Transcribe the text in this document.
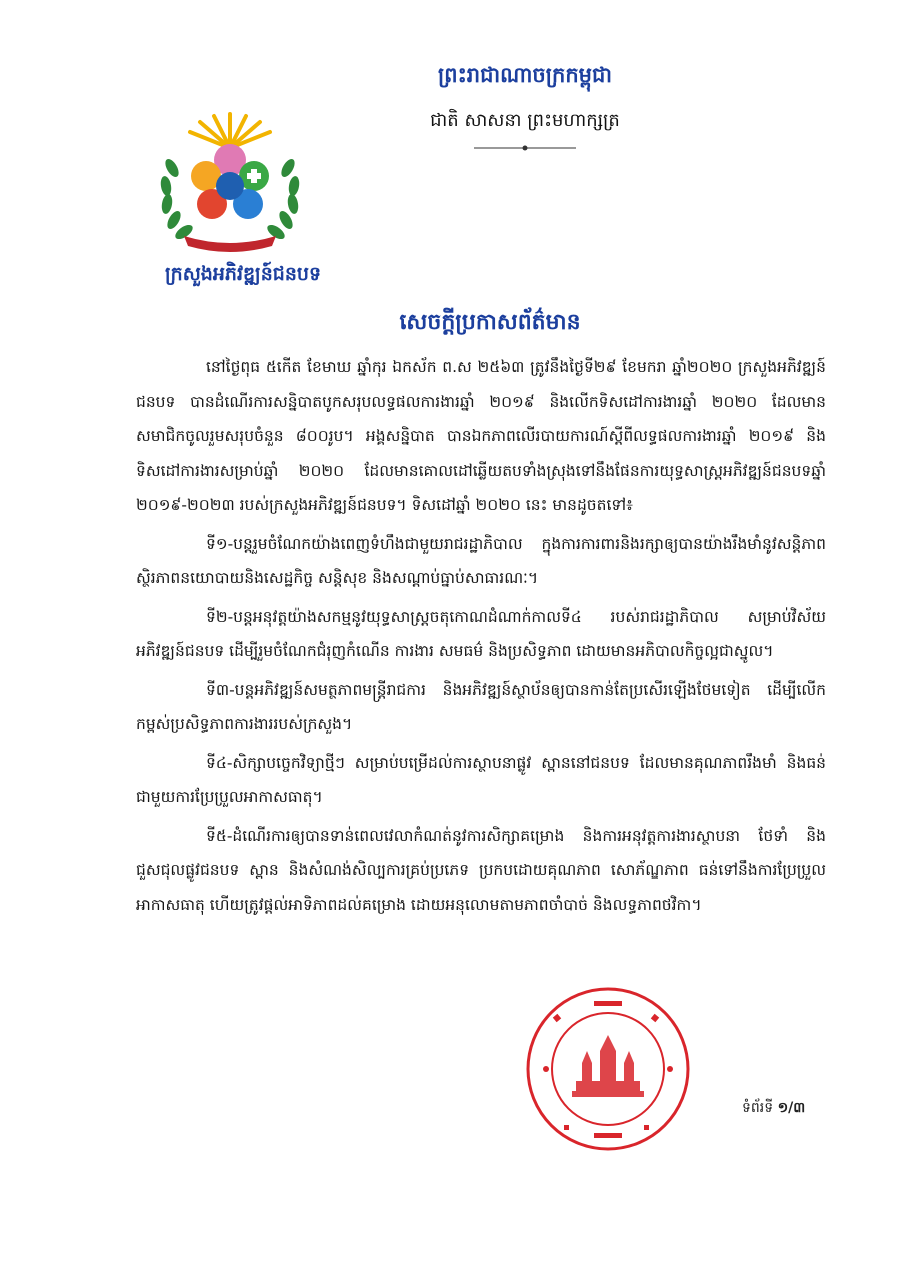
ព្រះរាជាណាចក្រកម្ពុជា
ជាតិ សាសនា ព្រះមហាក្សត្រ
ក្រសួងអភិវឌ្ឍន៍ជនបទ
សេចក្តីប្រកាសព័ត៌មាន

នៅថ្ងៃពុធ ៥កើត ខែមាឃ ឆ្នាំកុរ ឯកស័ក ព.ស ២៥៦៣ ត្រូវនឹងថ្ងៃទី២៩ ខែមករា ឆ្នាំ២០២០ ក្រសួងអភិវឌ្ឍន៍ជនបទ បានដំណើរការសន្និបាតបូកសរុបលទ្ធផលការងារឆ្នាំ ២០១៩ និងលើកទិសដៅការងារឆ្នាំ ២០២០ ដែលមានសមាជិកចូលរួមសរុបចំនួន ៨០០រូប។ អង្គសន្និបាត បានឯកភាពលើរបាយការណ៍ស្តីពីលទ្ធផលការងារឆ្នាំ ២០១៩ និងទិសដៅការងារសម្រាប់ឆ្នាំ ២០២០ ដែលមានគោលដៅឆ្លើយតបទាំងស្រុងទៅនឹងផែនការយុទ្ធសាស្ត្រអភិវឌ្ឍន៍ជនបទឆ្នាំ ២០១៩-២០២៣ របស់ក្រសួងអភិវឌ្ឍន៍ជនបទ។ ទិសដៅឆ្នាំ ២០២០ នេះ មានដូចតទៅ៖

ទី១-បន្តរួមចំណែកយ៉ាងពេញទំហឹងជាមួយរាជរដ្ឋាភិបាល ក្នុងការការពារនិងរក្សាឲ្យបានយ៉ាងរឹងមាំនូវសន្តិភាព ស្ថិរភាពនយោបាយនិងសេដ្ឋកិច្ច សន្តិសុខ និងសណ្តាប់ធ្នាប់សាធារណៈ។

ទី២-បន្តអនុវត្តយ៉ាងសកម្មនូវយុទ្ធសាស្ត្រចតុកោណដំណាក់កាលទី៤ របស់រាជរដ្ឋាភិបាល សម្រាប់វិស័យអភិវឌ្ឍន៍ជនបទ ដើម្បីរួមចំណែកជំរុញកំណើន ការងារ សមធម៌ និងប្រសិទ្ធភាព ដោយមានអភិបាលកិច្ចល្អជាស្នូល។

ទី៣-បន្តអភិវឌ្ឍន៍សមត្ថភាពមន្ត្រីរាជការ និងអភិវឌ្ឍន៍ស្ថាប័នឲ្យបានកាន់តែប្រសើរឡើងថែមទៀត ដើម្បីលើកកម្ពស់ប្រសិទ្ធភាពការងាររបស់ក្រសួង។

ទី៤-សិក្សាបច្ចេកវិទ្យាថ្មីៗ សម្រាប់បម្រើដល់ការស្ថាបនាផ្លូវ ស្ពាននៅជនបទ ដែលមានគុណភាពរឹងមាំ និងធន់ជាមួយការប្រែប្រួលអាកាសធាតុ។

ទី៥-ដំណើរការឲ្យបានទាន់ពេលវេលាកំណត់នូវការសិក្សាគម្រោង និងការអនុវត្តការងារស្ថាបនា ថែទាំ និងជួសជុលផ្លូវជនបទ ស្ពាន និងសំណង់សិល្បការគ្រប់ប្រភេទ ប្រកបដោយគុណភាព សោភ័ណ្ឌភាព ធន់ទៅនឹងការប្រែប្រួលអាកាសធាតុ ហើយត្រូវផ្តល់អាទិភាពដល់គម្រោង ដោយអនុលោមតាមភាពចាំបាច់ និងលទ្ធភាពថវិកា។

ទំព័រទី ១/៣
